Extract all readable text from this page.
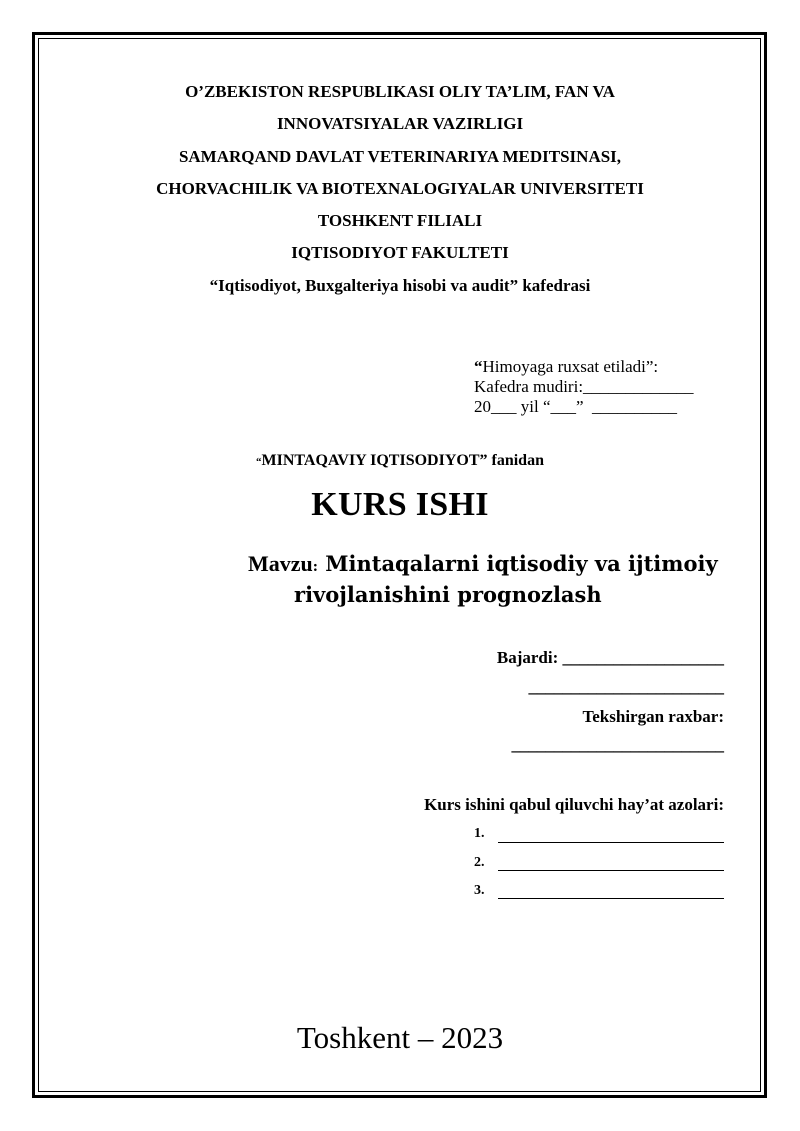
O’ZBEKISTON RESPUBLIKASI OLIY TA’LIM, FAN VA
INNOVATSIYALAR VAZIRLIGI
SAMARQAND DAVLAT VETERINARIYA MEDITSINASI,
CHORVACHILIK VA BIOTEXNALOGIYALAR UNIVERSITETI
TOSHKENT FILIALI
IQTISODIYOT FAKULTETI
“Iqtisodiyot, Buxgalteriya hisobi va audit” kafedrasi
“Himoyaga ruxsat etiladi”:
Kafedra mudiri:_____________
20___ yil “___”  __________
“MINTAQAVIY IQTISODIYOT” fanidan
KURS ISHI
Mavzu: Mintaqalarni iqtisodiy va ijtimoiy
rivojlanishini prognozlash
Bajardi: ___________________
_______________________
Tekshirgan raxbar:
_________________________
Kurs ishini qabul qiluvchi hay’at azolari:
1.
2.
3.
Toshkent – 2023
